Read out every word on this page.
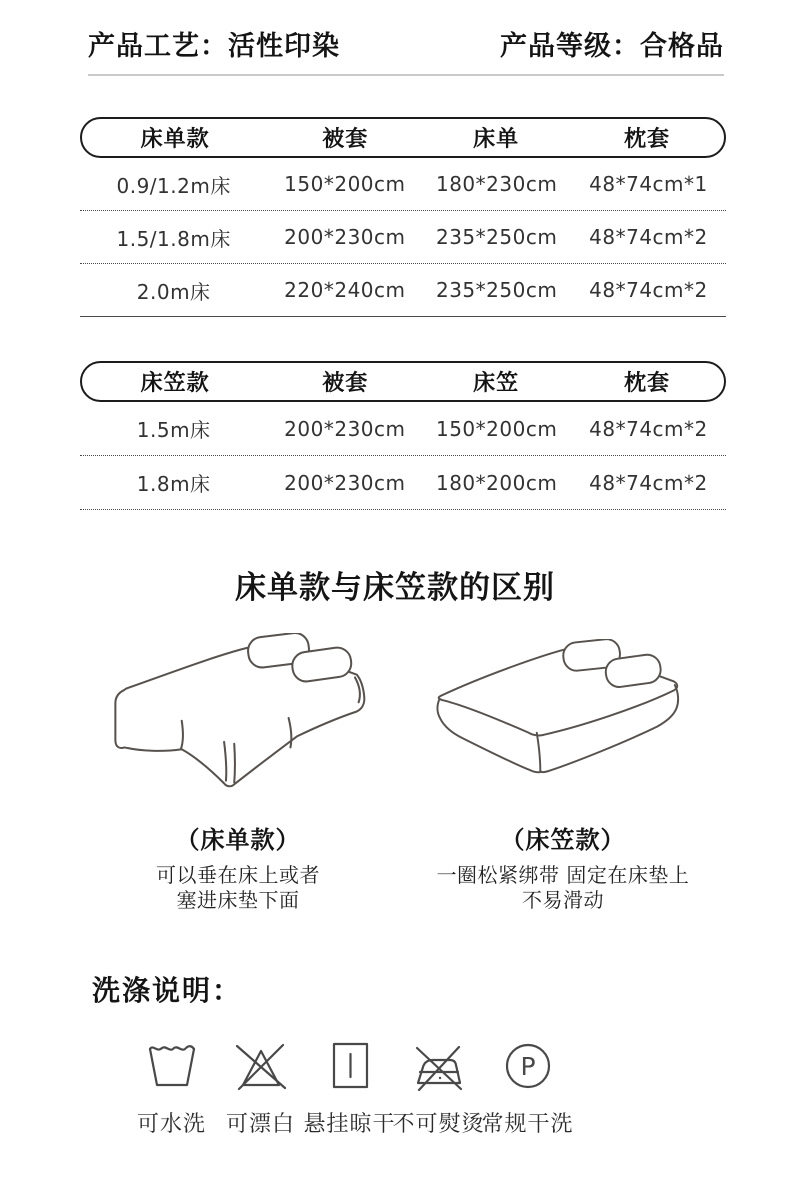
产品工艺：活性印染	产品等级：合格品
床单款	被套	床单	枕套
0.9/1.2m床	150*200cm	180*230cm	48*74cm*1
1.5/1.8m床	200*230cm	235*250cm	48*74cm*2
2.0m床	220*240cm	235*250cm	48*74cm*2
床笠款	被套	床笠	枕套
1.5m床	200*230cm	150*200cm	48*74cm*2
1.8m床	200*230cm	180*200cm	48*74cm*2
床单款与床笠款的区别
（床单款）
可以垂在床上或者
塞进床垫下面
（床笠款）
一圈松紧绑带 固定在床垫上
不易滑动
洗涤说明：
可水洗 可漂白 悬挂晾干
不可熨烫
P
常规干洗
